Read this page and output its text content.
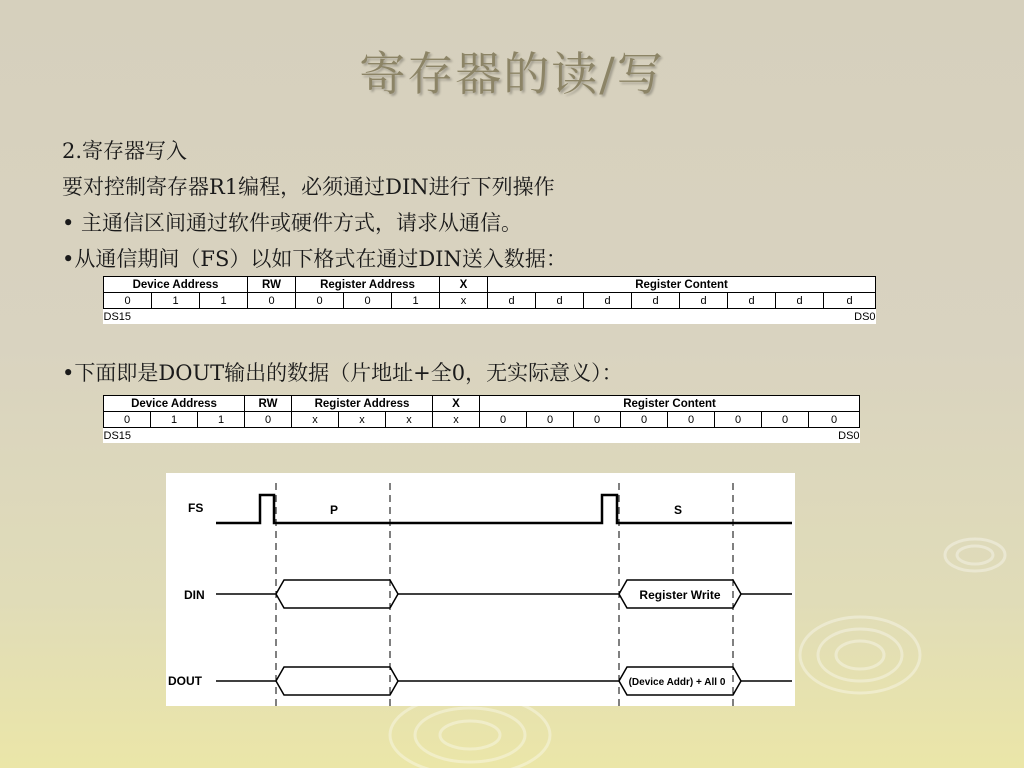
寄存器的读/写
2.寄存器写入
要对控制寄存器R1编程，必须通过DIN进行下列操作
• 主通信区间通过软件或硬件方式，请求从通信。
•从通信期间（FS）以如下格式在通过DIN送入数据：
Device Address			RW	Register Address			X	Register Content							
0	1	1	0	0	0	1	x	d	d	d	d	d	d	d	d
DS15								DS0							
•下面即是DOUT输出的数据（片地址+全0，无实际意义）：
Device Address			RW	Register Address			X	Register Content							
0	1	1	0	x	x	x	x	0	0	0	0	0	0	0	0
DS15								DS0							
FS
DIN
DOUT
P	S
Register Write
(Device Addr) + All 0
